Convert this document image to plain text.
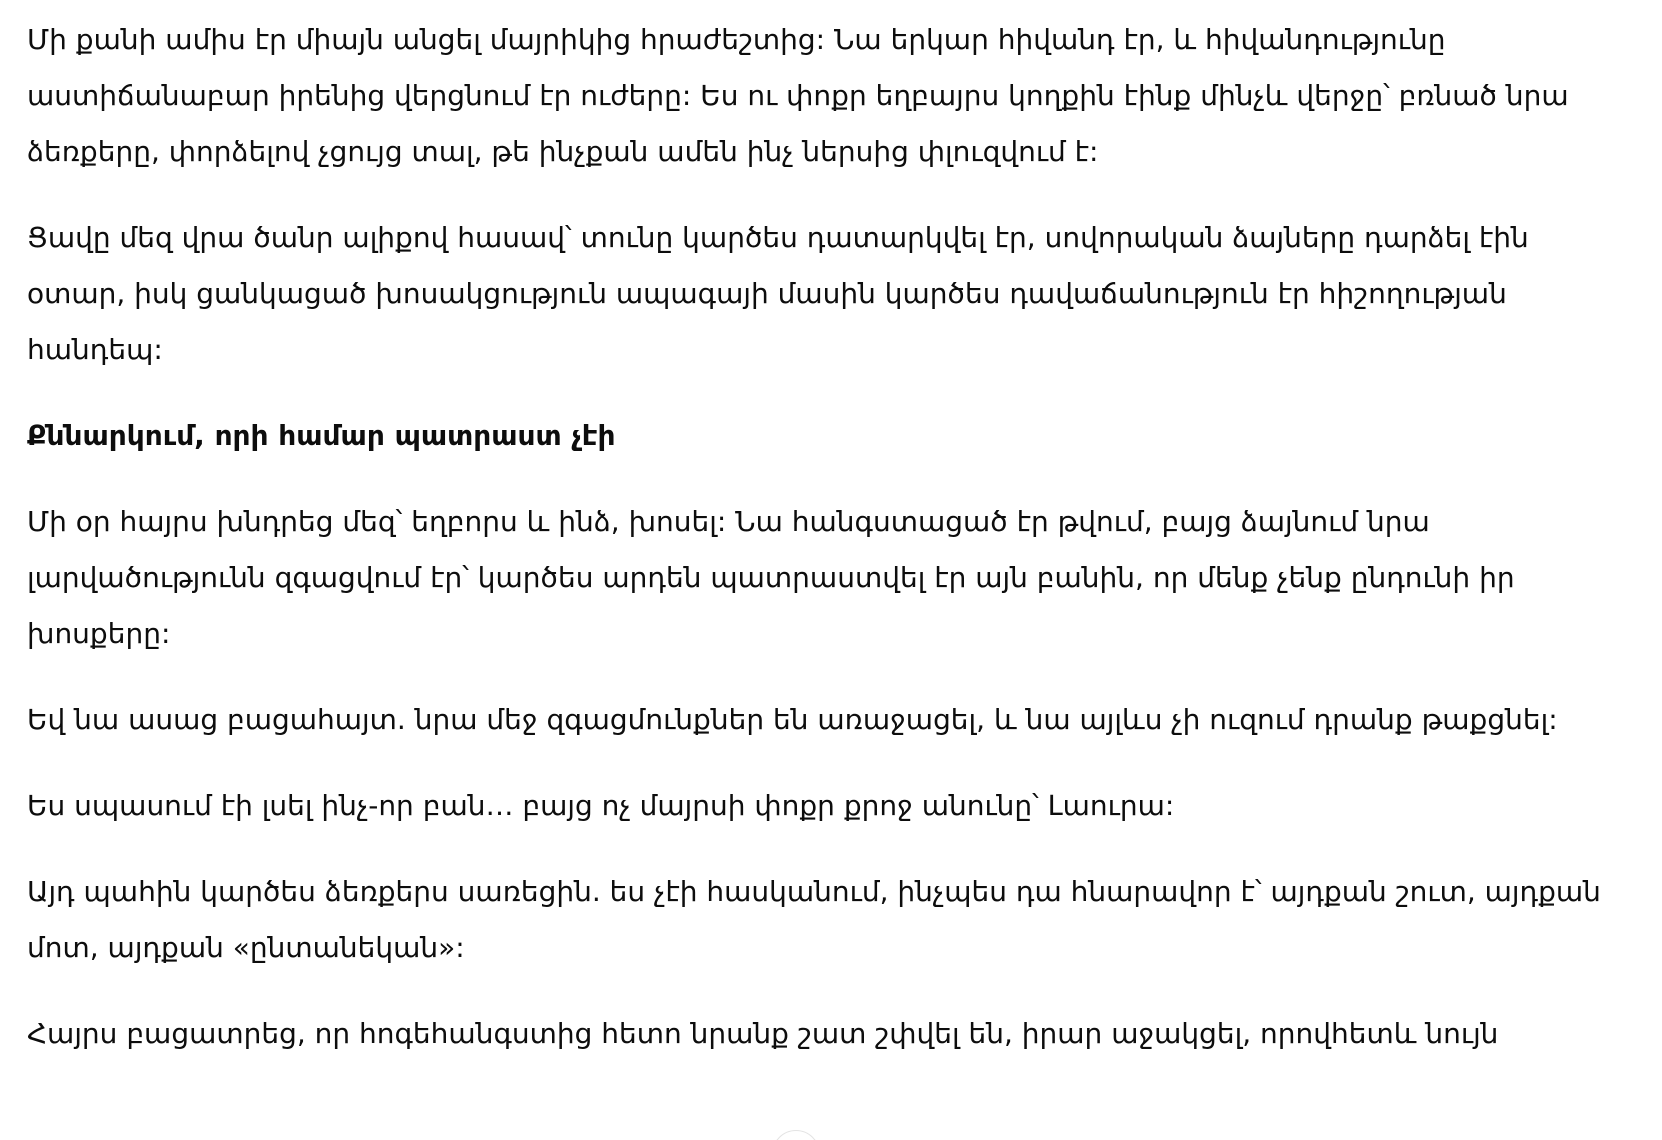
Մի քանի ամիս էր միայն անցել մայրիկից հրաժեշտից: Նա երկար հիվանդ էր, և հիվանդությունը աստիճանաբար իրենից վերցնում էր ուժերը: Ես ու փոքր եղբայրս կողքին էինք մինչև վերջը՝ բռնած նրա ձեռքերը, փորձելով չցույց տալ, թե ինչքան ամեն ինչ ներսից փլուզվում է:

Ցավը մեզ վրա ծանր ալիքով հասավ՝ տունը կարծես դատարկվել էր, սովորական ձայները դարձել էին օտար, իսկ ցանկացած խոսակցություն ապագայի մասին կարծես դավաճանություն էր հիշողության հանդեպ:

Քննարկում, որի համար պատրաստ չէի

Մի օր հայրս խնդրեց մեզ՝ եղբորս և ինձ, խոսել: Նա հանգստացած էր թվում, բայց ձայնում նրա լարվածությունն զգացվում էր՝ կարծես արդեն պատրաստվել էր այն բանին, որ մենք չենք ընդունի իր խոսքերը:

Եվ նա ասաց բացահայտ. նրա մեջ զգացմունքներ են առաջացել, և նա այլևս չի ուզում դրանք թաքցնել:

Ես սպասում էի լսել ինչ-որ բան… բայց ոչ մայրսի փոքր քրոջ անունը՝ Լաուրա:

Այդ պահին կարծես ձեռքերս սառեցին. ես չէի հասկանում, ինչպես դա հնարավոր է՝ այդքան շուտ, այդքան մոտ, այդքան «ընտանեկան»:

Հայրս բացատրեց, որ հոգեհանգստից հետո նրանք շատ շփվել են, իրար աջակցել, որովհետև նույն
